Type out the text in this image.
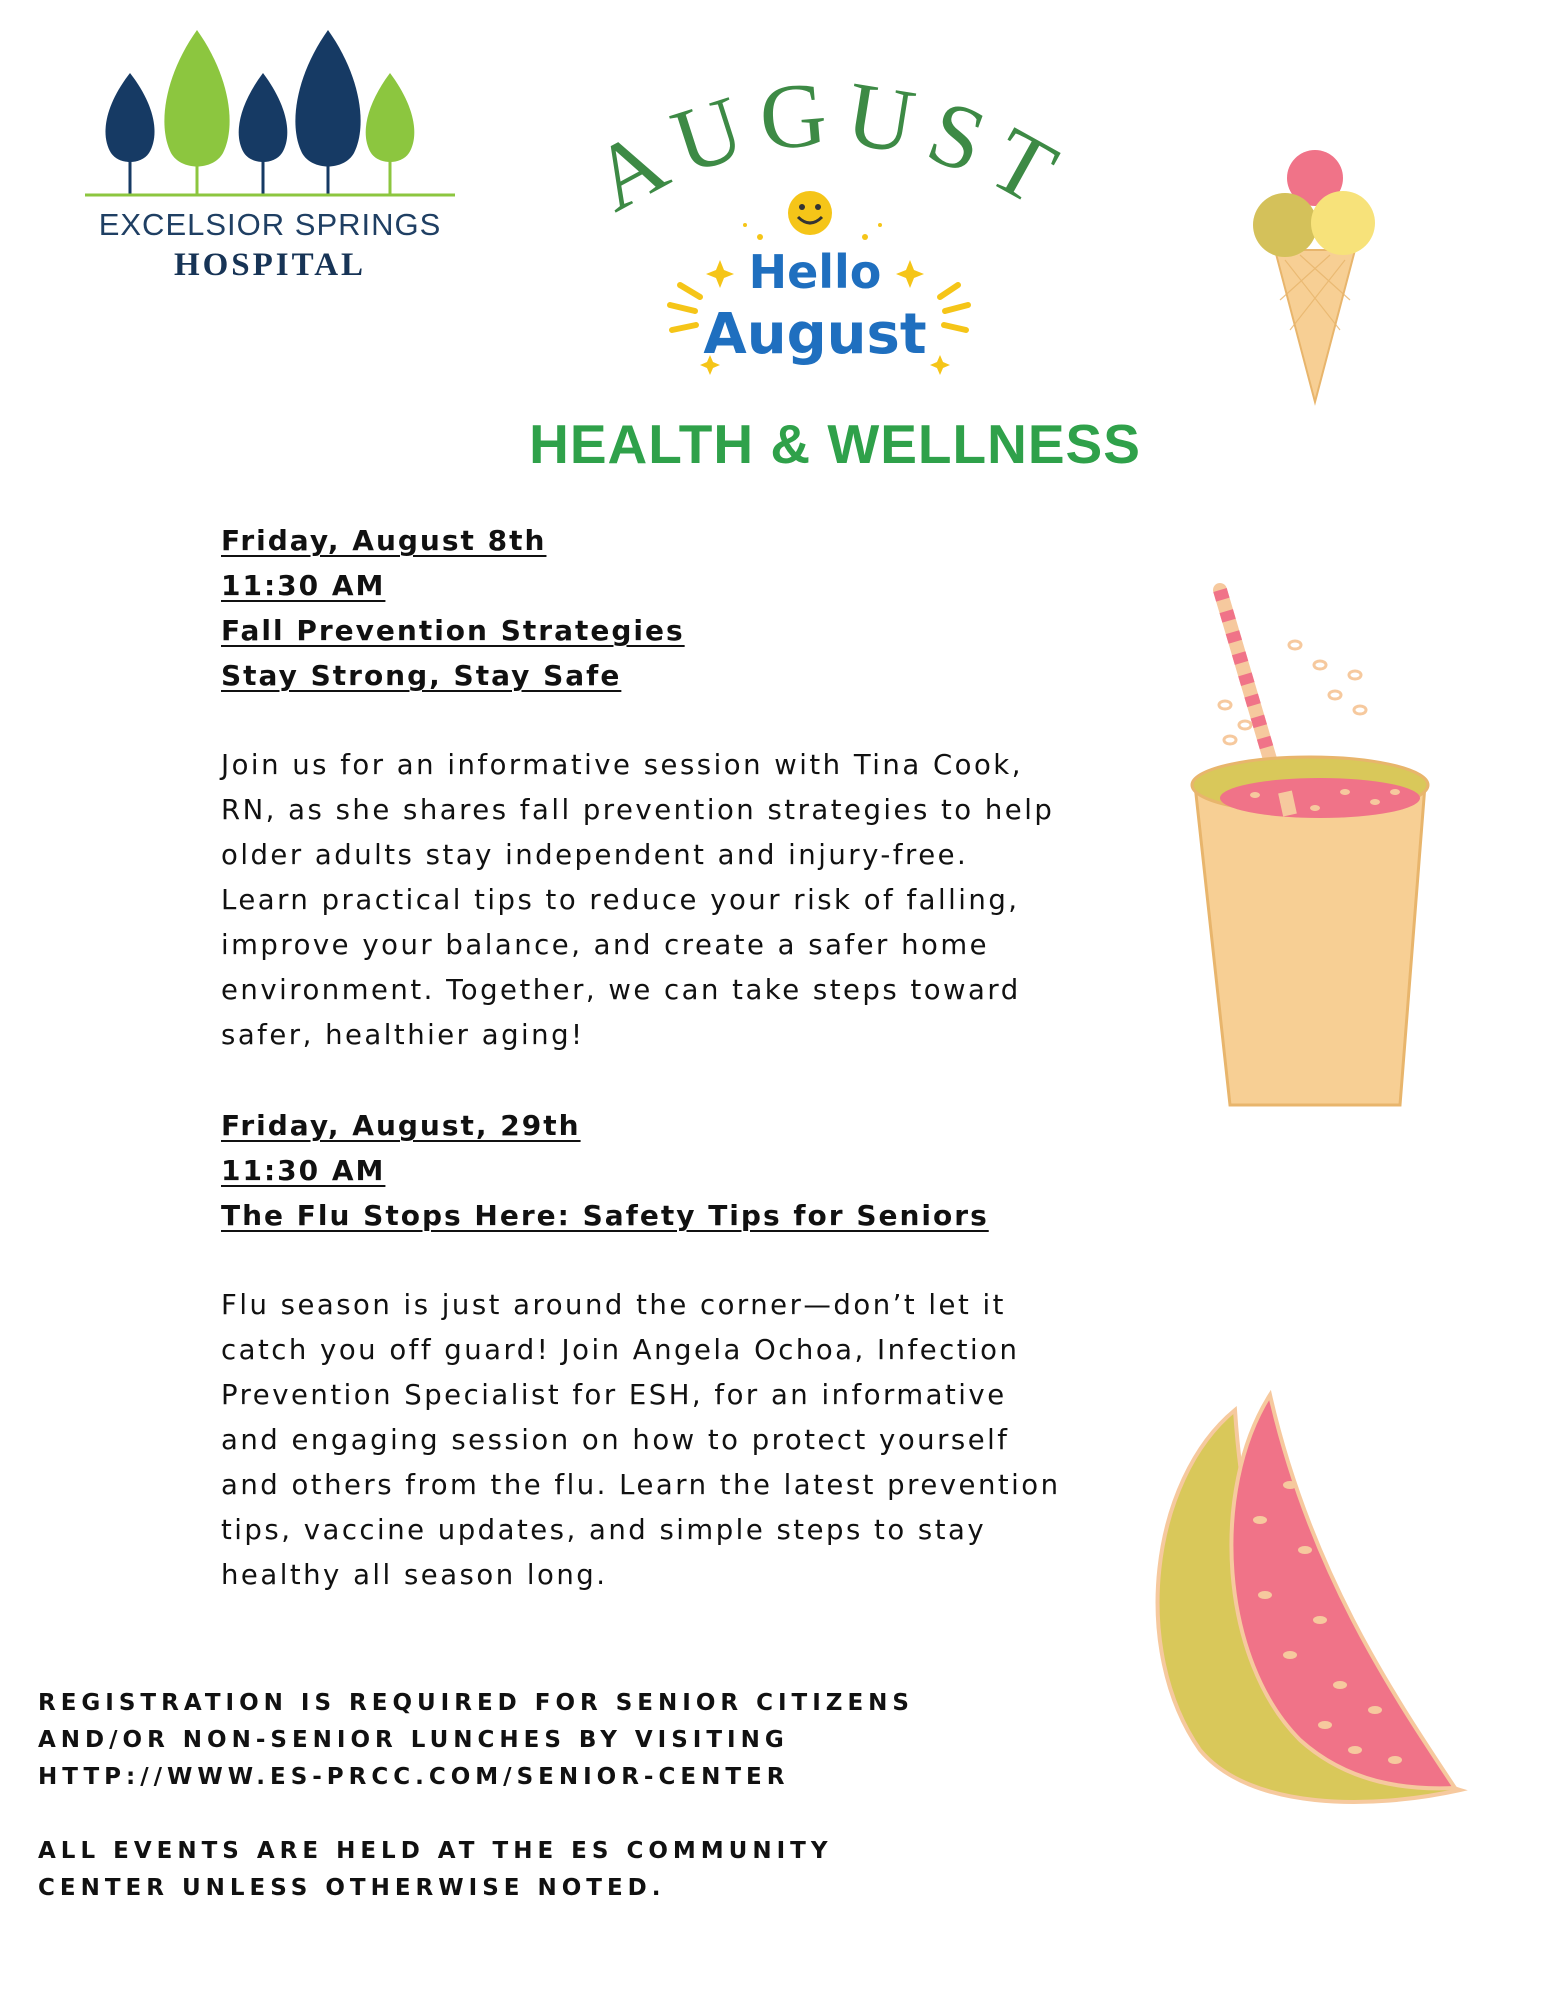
EXCELSIOR SPRINGS
HOSPITAL
AUGUST
Hello
August
HEALTH & WELLNESS
Friday, August 8th
11:30 AM
Fall Prevention Strategies
Stay Strong, Stay Safe
Join us for an informative session with Tina Cook,
RN, as she shares fall prevention strategies to help
older adults stay independent and injury-free.
Learn practical tips to reduce your risk of falling,
improve your balance, and create a safer home
environment. Together, we can take steps toward
safer, healthier aging!
Friday, August, 29th
11:30 AM
The Flu Stops Here: Safety Tips for Seniors
Flu season is just around the corner—don’t let it
catch you off guard! Join Angela Ochoa, Infection
Prevention Specialist for ESH, for an informative
and engaging session on how to protect yourself
and others from the flu. Learn the latest prevention
tips, vaccine updates, and simple steps to stay
healthy all season long.
REGISTRATION IS REQUIRED FOR SENIOR CITIZENS
AND/OR NON-SENIOR LUNCHES BY VISITING
HTTP://WWW.ES-PRCC.COM/SENIOR-CENTER
ALL EVENTS ARE HELD AT THE ES COMMUNITY
CENTER UNLESS OTHERWISE NOTED.
